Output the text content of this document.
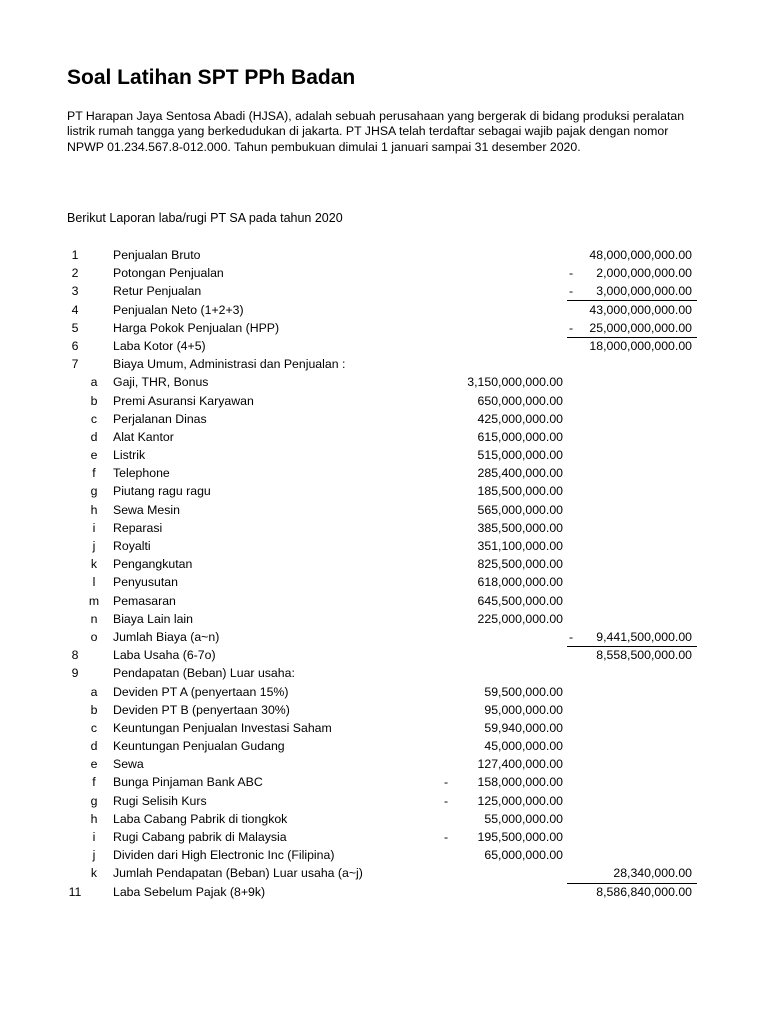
Soal Latihan SPT PPh Badan
PT Harapan Jaya Sentosa Abadi (HJSA), adalah sebuah perusahaan yang bergerak di bidang produksi peralatan listrik rumah tangga yang berkedudukan di jakarta. PT JHSA telah terdaftar sebagai wajib pajak dengan nomor NPWP 01.234.567.8-012.000. Tahun pembukuan dimulai 1 januari sampai 31 desember 2020.
Berikut Laporan laba/rugi PT SA pada tahun 2020
1	Penjualan Bruto	48,000,000,000.00
2	Potongan Penjualan	-	2,000,000,000.00
3	Retur Penjualan	-	3,000,000,000.00
4	Penjualan Neto (1+2+3)	43,000,000,000.00
5	Harga Pokok Penjualan (HPP)	-	25,000,000,000.00
6	Laba Kotor (4+5)	18,000,000,000.00
7	Biaya Umum, Administrasi dan Penjualan :
a	Gaji, THR, Bonus	3,150,000,000.00
b	Premi Asuransi Karyawan	650,000,000.00
c	Perjalanan Dinas	425,000,000.00
d	Alat Kantor	615,000,000.00
e	Listrik	515,000,000.00
f	Telephone	285,400,000.00
g	Piutang ragu ragu	185,500,000.00
h	Sewa Mesin	565,000,000.00
i	Reparasi	385,500,000.00
j	Royalti	351,100,000.00
k	Pengangkutan	825,500,000.00
l	Penyusutan	618,000,000.00
m	Pemasaran	645,500,000.00
n	Biaya Lain lain	225,000,000.00
o	Jumlah Biaya (a~n)	-	9,441,500,000.00
8	Laba Usaha (6-7o)	8,558,500,000.00
9	Pendapatan (Beban) Luar usaha:
a	Deviden PT A (penyertaan 15%)	59,500,000.00
b	Deviden PT B (penyertaan 30%)	95,000,000.00
c	Keuntungan Penjualan Investasi Saham	59,940,000.00
d	Keuntungan Penjualan Gudang	45,000,000.00
e	Sewa	127,400,000.00
f	Bunga Pinjaman Bank ABC	-	158,000,000.00
g	Rugi Selisih Kurs	-	125,000,000.00
h	Laba Cabang Pabrik di tiongkok	55,000,000.00
i	Rugi Cabang pabrik di Malaysia	-	195,500,000.00
j	Dividen dari High Electronic Inc (Filipina)	65,000,000.00
k	Jumlah Pendapatan (Beban) Luar usaha (a~j)	28,340,000.00
11	Laba Sebelum Pajak (8+9k)	8,586,840,000.00
